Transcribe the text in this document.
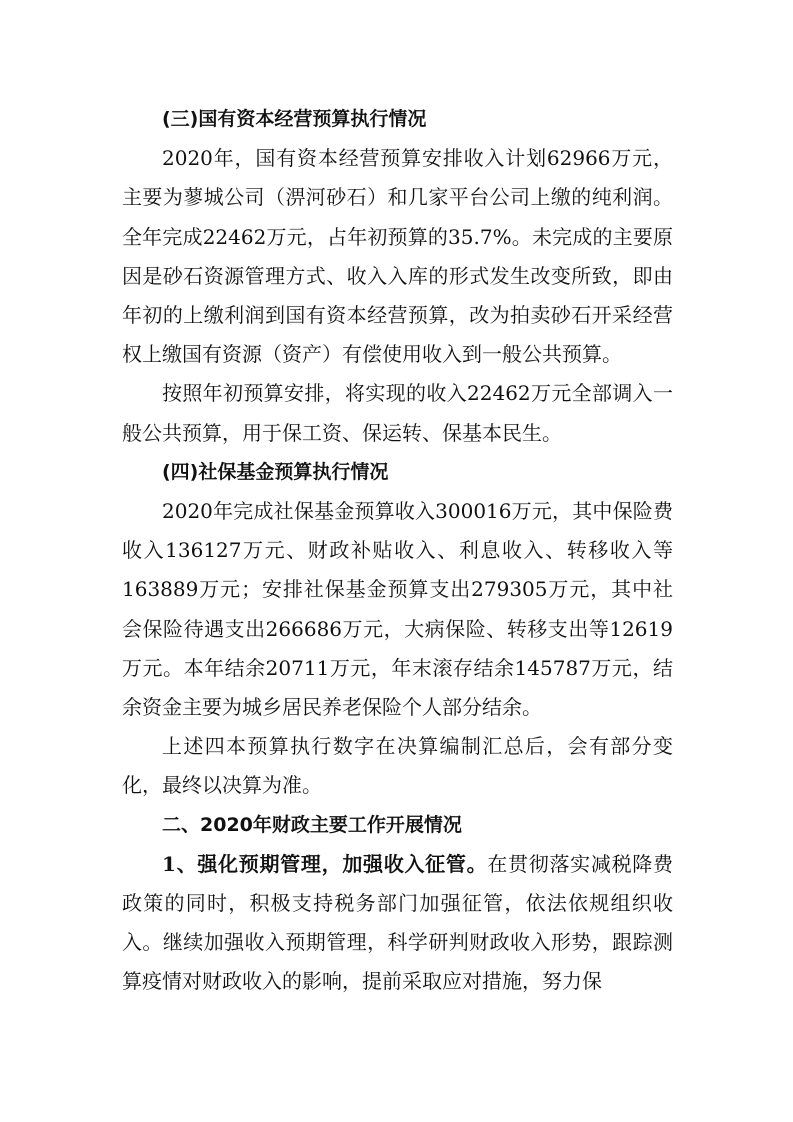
(三)国有资本经营预算执行情况

2020年，国有资本经营预算安排收入计划62966万元，主要为蓼城公司（淠河砂石）和几家平台公司上缴的纯利润。全年完成22462万元，占年初预算的35.7%。未完成的主要原因是砂石资源管理方式、收入入库的形式发生改变所致，即由年初的上缴利润到国有资本经营预算，改为拍卖砂石开采经营权上缴国有资源（资产）有偿使用收入到一般公共预算。

按照年初预算安排，将实现的收入22462万元全部调入一般公共预算，用于保工资、保运转、保基本民生。

(四)社保基金预算执行情况

2020年完成社保基金预算收入300016万元，其中保险费收入136127万元、财政补贴收入、利息收入、转移收入等163889万元；安排社保基金预算支出279305万元，其中社会保险待遇支出266686万元，大病保险、转移支出等12619万元。本年结余20711万元，年末滚存结余145787万元，结余资金主要为城乡居民养老保险个人部分结余。

上述四本预算执行数字在决算编制汇总后，会有部分变化，最终以决算为准。

二、2020年财政主要工作开展情况

1、强化预期管理，加强收入征管。在贯彻落实减税降费政策的同时，积极支持税务部门加强征管，依法依规组织收入。继续加强收入预期管理，科学研判财政收入形势，跟踪测算疫情对财政收入的影响，提前采取应对措施，努力保
